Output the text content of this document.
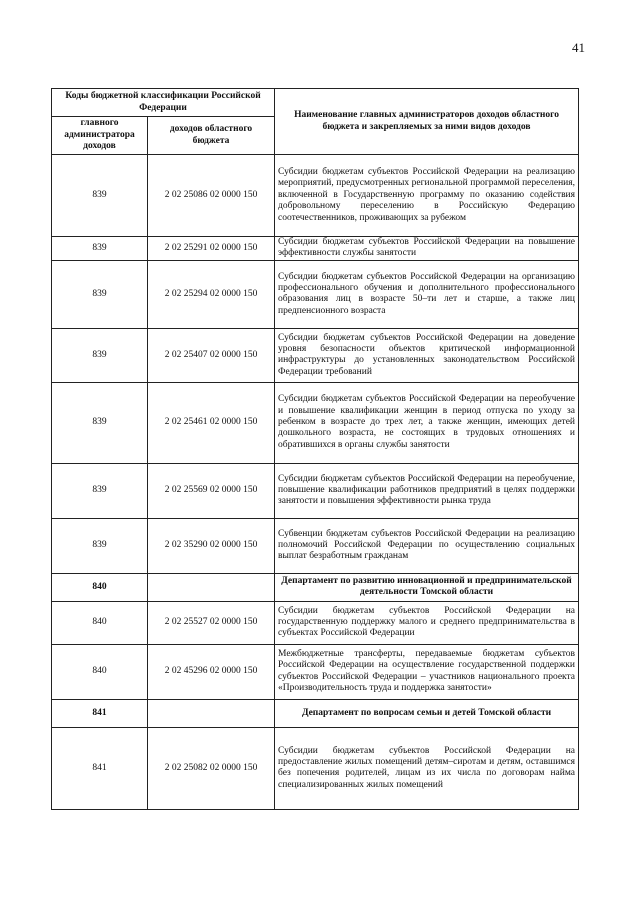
41
Коды бюджетной классификации Российской Федерации		Наименование главных администраторов доходов областного бюджета и закрепляемых за ними видов доходов
главного администратора доходов	доходов областного бюджета	
839	2 02 25086 02 0000 150	Субсидии бюджетам субъектов Российской Федерации на реализацию мероприятий, предусмотренных региональной программой переселения, включенной в Государственную программу по оказанию содействия добровольному переселению в Российскую Федерацию соотечественников, проживающих за рубежом
839	2 02 25291 02 0000 150	Субсидии бюджетам субъектов Российской Федерации на повышение эффективности службы занятости
839	2 02 25294 02 0000 150	Субсидии бюджетам субъектов Российской Федерации на организацию профессионального обучения и дополнительного профессионального образования лиц в возрасте 50–ти лет и старше, а также лиц предпенсионного возраста
839	2 02 25407 02 0000 150	Субсидии бюджетам субъектов Российской Федерации на доведение уровня безопасности объектов критической информационной инфраструктуры до установленных законодательством Российской Федерации требований
839	2 02 25461 02 0000 150	Субсидии бюджетам субъектов Российской Федерации на переобучение и повышение квалификации женщин в период отпуска по уходу за ребенком в возрасте до трех лет, а также женщин, имеющих детей дошкольного возраста, не состоящих в трудовых отношениях и обратившихся в органы службы занятости
839	2 02 25569 02 0000 150	Субсидии бюджетам субъектов Российской Федерации на переобучение, повышение квалификации работников предприятий в целях поддержки занятости и повышения эффективности рынка труда
839	2 02 35290 02 0000 150	Субвенции бюджетам субъектов Российской Федерации на реализацию полномочий Российской Федерации по осуществлению социальных выплат безработным гражданам
840		Департамент по развитию инновационной и предпринимательской деятельности Томской области
840	2 02 25527 02 0000 150	Субсидии бюджетам субъектов Российской Федерации на государственную поддержку малого и среднего предпринимательства в субъектах Российской Федерации
840	2 02 45296 02 0000 150	Межбюджетные трансферты, передаваемые бюджетам субъектов Российской Федерации на осуществление государственной поддержки субъектов Российской Федерации – участников национального проекта «Производительность труда и поддержка занятости»
841		Департамент по вопросам семьи и детей Томской области
841	2 02 25082 02 0000 150	Субсидии бюджетам субъектов Российской Федерации на предоставление жилых помещений детям–сиротам и детям, оставшимся без попечения родителей, лицам из их числа по договорам найма специализированных жилых помещений
